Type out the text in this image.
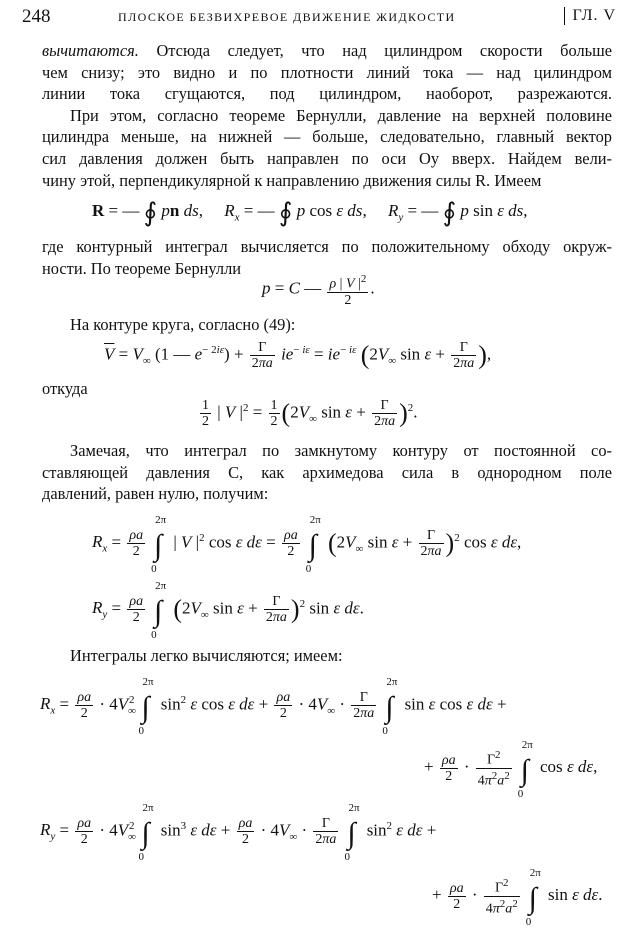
248	ПЛОСКОЕ БЕЗВИХРЕВОЕ ДВИЖЕНИЕ ЖИДКОСТИ	ГЛ. V
вычитаются. Отсюда следует, что над цилиндром скорости больше
чем снизу; это видно и по плотности линий тока — над цилиндром
линии тока сгущаются, под цилиндром, наоборот, разрежаются.
При этом, согласно теореме Бернулли, давление на верхней половине
цилиндра меньше, на нижней — больше, следовательно, главный вектор
сил давления должен быть направлен по оси Oy вверх. Найдем вели-
чину этой, перпендикулярной к направлению движения силы R. Имеем
R = — ∮ pn ds,     $R_x$ = — ∮ p cos ε ds,     $R_y$ = — ∮ p sin ε ds,
где контурный интеграл вычисляется по положительному обходу окруж-
ности. По теореме Бернулли
p = C — $\frac{\rho | V |^2}{2}$ .
На контуре круга, согласно (49):
$\overline{V} = V_\infty$ (1 — $e^{- 2i\varepsilon}) + \frac{\Gamma}{2\pi a} ie^{- i\varepsilon} = ie^{- i\varepsilon}$ ($2V_\infty$ $\sin \varepsilon + \frac{\Gamma}{2\pi a}$ ),
откуда
$\frac{1}{2}$ | V $|^2 = \frac{1}{2} (2V_\infty$ $\sin \varepsilon + \frac{\Gamma}{2\pi a} )^2$.
Замечая, что интеграл по замкнутому контуру от постоянной со-
ставляющей давления C, как архимедова сила в однородном поле
давлений, равен нулю, получим:
$R_x = \frac{\rho a}{2}$ ∫
2π
0
| V $|^2$ cos ε $d\varepsilon = \frac{\rho a}{2}$ ∫
2π
0
($2V_\infty$ $\sin \varepsilon + \frac{\Gamma}{2\pi a} )^2$ cos ε dε,
$R_y = \frac{\rho a}{2}$ ∫
2π
0
($2V_\infty$ $\sin \varepsilon + \frac{\Gamma}{2\pi a} )^2$ sin ε dε.
Интегралы легко вычисляются; имеем:
$R_x = \frac{\rho a}{2} \cdot 4V_\infty^2$ ∫
2π
0
$\sin^2 \varepsilon$ cos ε $d\varepsilon + \frac{\rho a}{2} \cdot 4V_\infty \cdot \frac{\Gamma}{2\pi a}$ ∫
2π
0
sin ε cos ε dε +
+ $\frac{\rho a}{2} \cdot \frac{\Gamma^2}{4\pi^2a^2}$ ∫
2π
0
cos ε dε,
$R_y = \frac{\rho a}{2} \cdot 4V_\infty^2$ ∫
2π
0
$\sin^3 \varepsilon$ $d\varepsilon + \frac{\rho a}{2} \cdot 4V_\infty \cdot \frac{\Gamma}{2\pi a}$ ∫
2π
0
$\sin^2 \varepsilon$ dε +
+ $\frac{\rho a}{2} \cdot \frac{\Gamma^2}{4\pi^2a^2}$ ∫
2π
0
sin ε dε.
